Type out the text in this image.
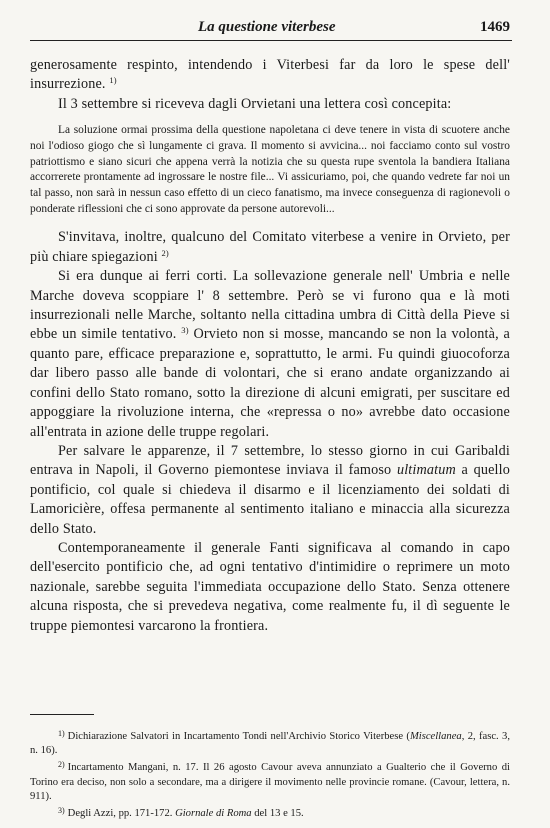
La questione viterbese	1469

generosamente respinto, intendendo i Viterbesi far da loro le spese dell' insurrezione. $^{1)}$

Il 3 settembre si riceveva dagli Orvietani una lettera così concepita:

La soluzione ormai prossima della questione napoletana ci deve tenere in vista di scuotere anche noi l'odioso giogo che sì lungamente ci grava. Il momento si avvicina... noi facciamo conto sul vostro patriottismo e siano sicuri che appena verrà la notizia che su questa rupe sventola la bandiera Italiana accorrerete prontamente ad ingrossare le nostre file... Vi assicuriamo, poi, che quando vedrete far noi un tal passo, non sarà in nessun caso effetto di un cieco fanatismo, ma invece conseguenza di ragionevoli o ponderate riflessioni che ci sono approvate da persone autorevoli...

S'invitava, inoltre, qualcuno del Comitato viterbese a venire in Orvieto, per più chiare spiegazioni $^{2)}$

Si era dunque ai ferri corti. La sollevazione generale nell' Umbria e nelle Marche doveva scoppiare l' 8 settembre. Però se vi furono qua e là moti insurrezionali nelle Marche, soltanto nella cittadina umbra di Città della Pieve si ebbe un simile tentativo. $^{3)}$ Orvieto non si mosse, mancando se non la volontà, a quanto pare, efficace preparazione e, soprattutto, le armi. Fu quindi giuocoforza dar libero passo alle bande di volontari, che si erano andate organizzando ai confini dello Stato romano, sotto la direzione di alcuni emigrati, per suscitare ed appoggiare la rivoluzione interna, che «repressa o no» avrebbe dato occasione all'entrata in azione delle truppe regolari.

Per salvare le apparenze, il 7 settembre, lo stesso giorno in cui Garibaldi entrava in Napoli, il Governo piemontese inviava il famoso ultimatum a quello pontificio, col quale si chiedeva il disarmo e il licenziamento dei soldati di Lamoricière, offesa permanente al sentimento italiano e minaccia alla sicurezza dello Stato.

Contemporaneamente il generale Fanti significava al comando in capo dell'esercito pontificio che, ad ogni tentativo d'intimidire o reprimere un moto nazionale, sarebbe seguita l'immediata occupazione dello Stato. Senza ottenere alcuna risposta, che si prevedeva negativa, come realmente fu, il dì seguente le truppe piemontesi varcarono la frontiera.

$^{1)}$ Dichiarazione Salvatori in Incartamento Tondi nell'Archivio Storico Viterbese (Miscellanea, 2, fasc. 3, n. 16).

$^{2)}$ Incartamento Mangani, n. 17. Il 26 agosto Cavour aveva annunziato a Gualterio che il Governo di Torino era deciso, non solo a secondare, ma a dirigere il movimento nelle provincie romane. (Cavour, lettera, n. 911).

$^{3)}$ Degli Azzi, pp. 171-172. Giornale di Roma del 13 e 15.
